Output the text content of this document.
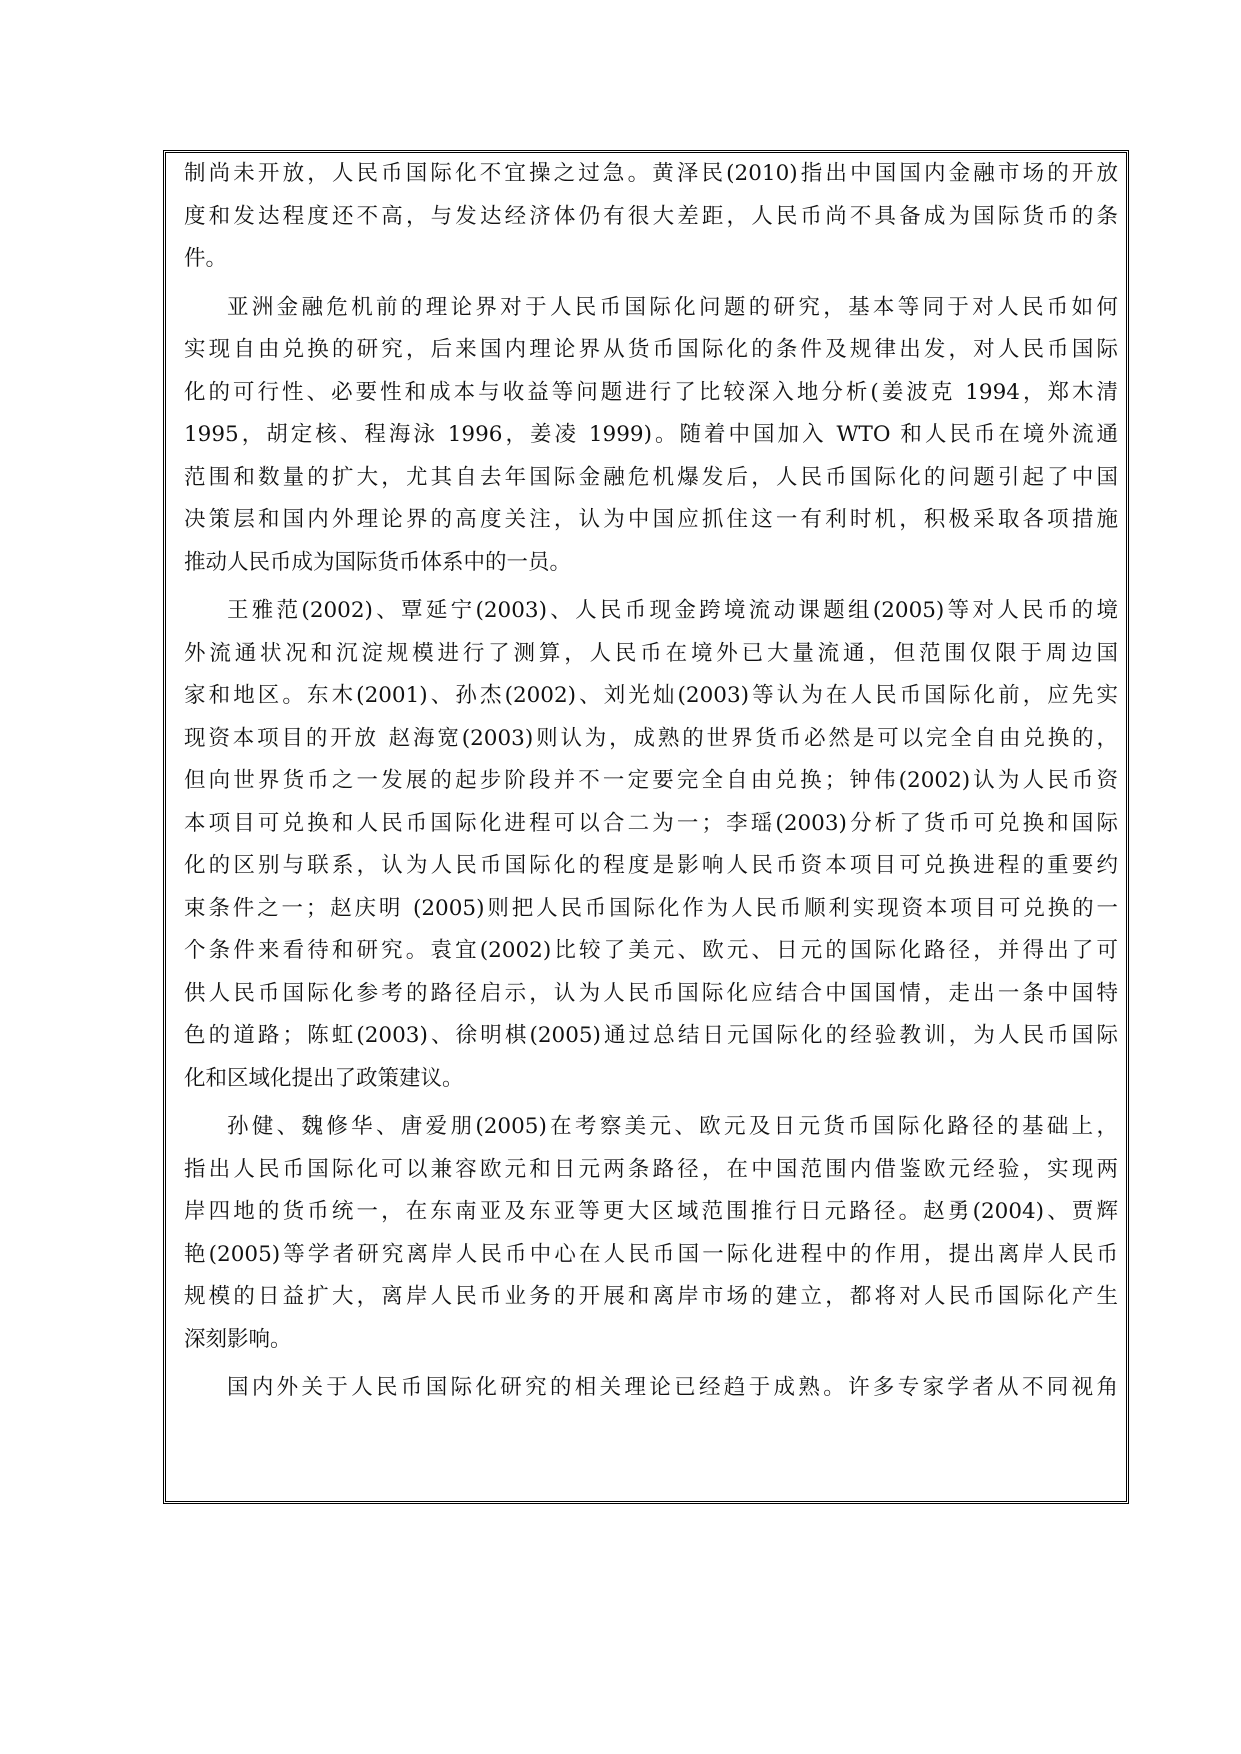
制尚未开放，人民币国际化不宜操之过急。黄泽民(2010)指出中国国内金融市场的开放
度和发达程度还不高，与发达经济体仍有很大差距，人民币尚不具备成为国际货币的条
件。
亚洲金融危机前的理论界对于人民币国际化问题的研究，基本等同于对人民币如何
实现自由兑换的研究，后来国内理论界从货币国际化的条件及规律出发，对人民币国际
化的可行性、必要性和成本与收益等问题进行了比较深入地分析(姜波克 1994，郑木清
1995，胡定核、程海泳 1996，姜凌 1999)。随着中国加入 WTO 和人民币在境外流通
范围和数量的扩大，尤其自去年国际金融危机爆发后，人民币国际化的问题引起了中国
决策层和国内外理论界的高度关注，认为中国应抓住这一有利时机，积极采取各项措施
推动人民币成为国际货币体系中的一员。
王雅范(2002)、覃延宁(2003)、人民币现金跨境流动课题组(2005)等对人民币的境
外流通状况和沉淀规模进行了测算，人民币在境外已大量流通，但范围仅限于周边国
家和地区。东木(2001)、孙杰(2002)、刘光灿(2003)等认为在人民币国际化前，应先实
现资本项目的开放 赵海宽(2003)则认为，成熟的世界货币必然是可以完全自由兑换的，
但向世界货币之一发展的起步阶段并不一定要完全自由兑换；钟伟(2002)认为人民币资
本项目可兑换和人民币国际化进程可以合二为一；李瑶(2003)分析了货币可兑换和国际
化的区别与联系，认为人民币国际化的程度是影响人民币资本项目可兑换进程的重要约
束条件之一；赵庆明 (2005)则把人民币国际化作为人民币顺利实现资本项目可兑换的一
个条件来看待和研究。袁宜(2002)比较了美元、欧元、日元的国际化路径，并得出了可
供人民币国际化参考的路径启示，认为人民币国际化应结合中国国情，走出一条中国特
色的道路；陈虹(2003)、徐明棋(2005)通过总结日元国际化的经验教训，为人民币国际
化和区域化提出了政策建议。
孙健、魏修华、唐爱朋(2005)在考察美元、欧元及日元货币国际化路径的基础上，
指出人民币国际化可以兼容欧元和日元两条路径，在中国范围内借鉴欧元经验，实现两
岸四地的货币统一，在东南亚及东亚等更大区域范围推行日元路径。赵勇(2004)、贾辉
艳(2005)等学者研究离岸人民币中心在人民币国一际化进程中的作用，提出离岸人民币
规模的日益扩大，离岸人民币业务的开展和离岸市场的建立，都将对人民币国际化产生
深刻影响。
国内外关于人民币国际化研究的相关理论已经趋于成熟。许多专家学者从不同视角
